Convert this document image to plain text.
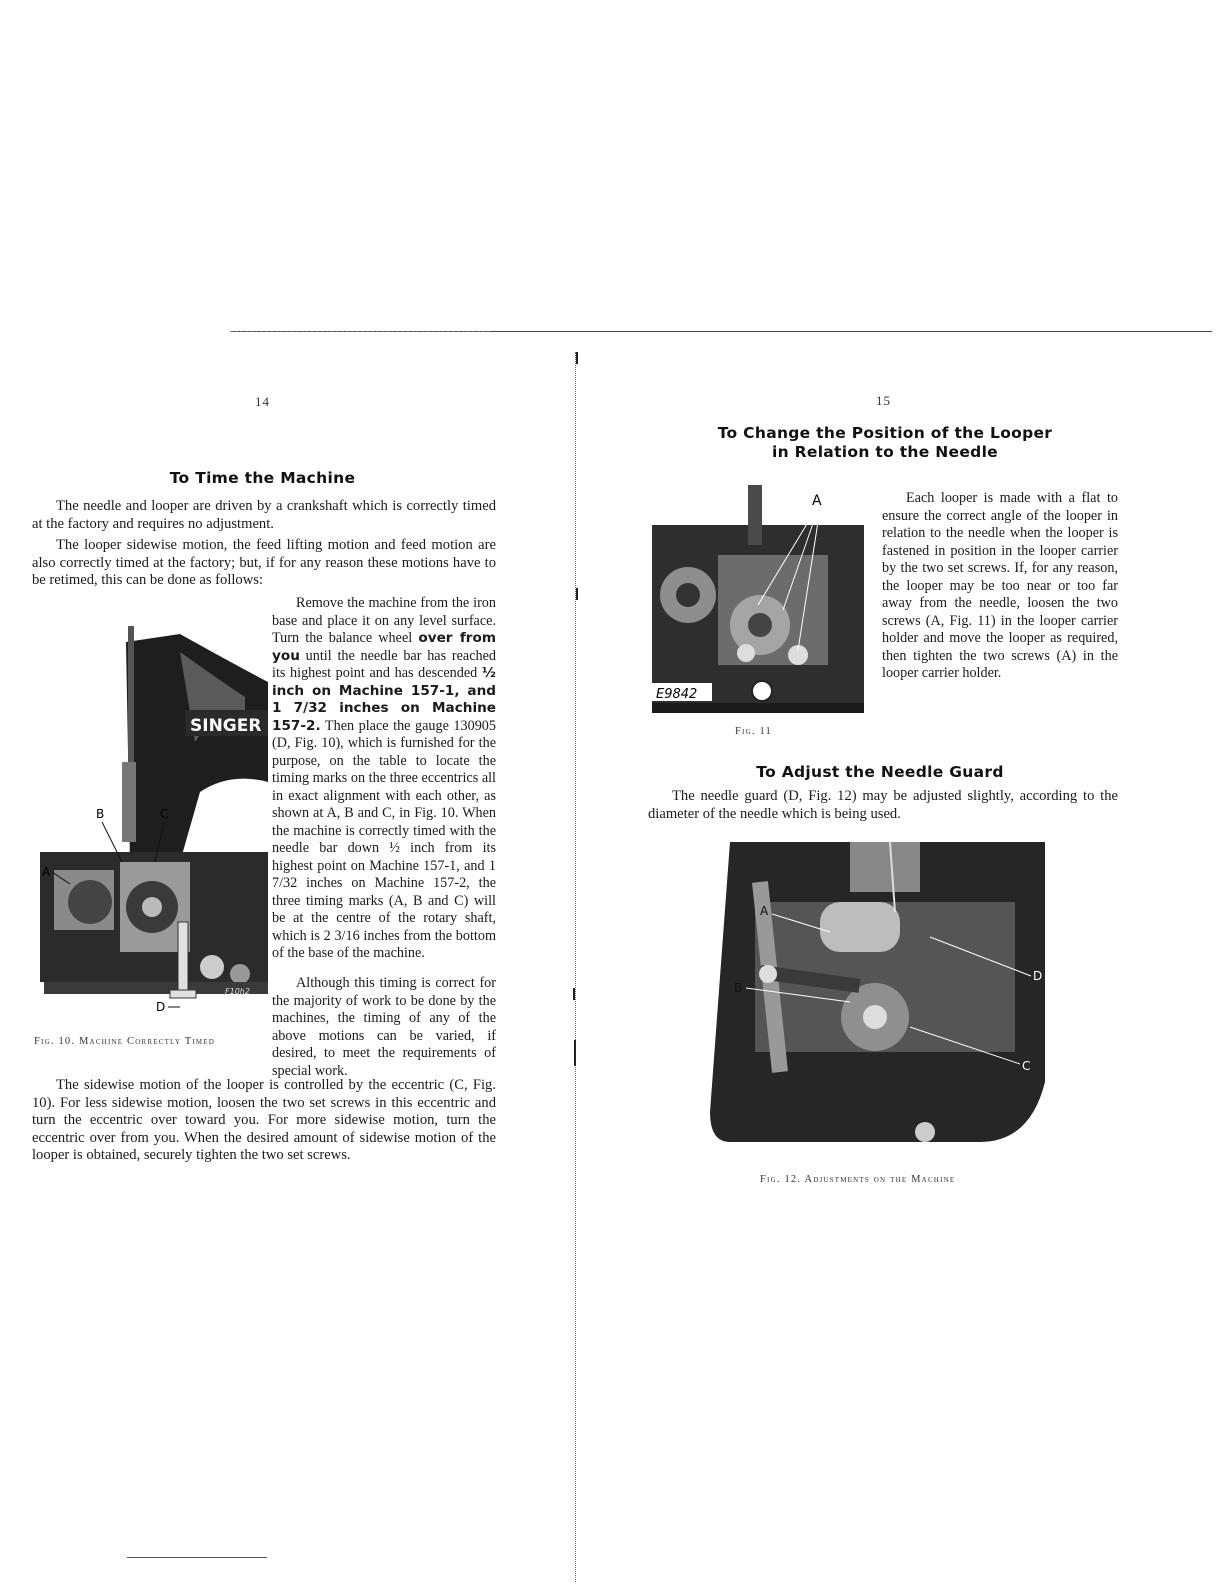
14
To Time the Machine

The needle and looper are driven by a crankshaft which is correctly timed at the factory and requires no adjustment.

The looper sidewise motion, the feed lifting motion and feed motion are also correctly timed at the factory; but, if for any reason these motions have to be retimed, this can be done as follows:

Remove the machine from the iron base and place it on any level surface. Turn the balance wheel over from you until the needle bar has reached its highest point and has descended ½ inch on Machine 157-1, and 1 7/32 inches on Machine 157-2. Then place the gauge 130905 (D, Fig. 10), which is furnished for the purpose, on the table to locate the timing marks on the three eccentrics all in exact alignment with each other, as shown at A, B and C, in Fig. 10. When the machine is correctly timed with the needle bar down ½ inch from its highest point on Machine 157-1, and 1 7/32 inches on Machine 157-2, the three timing marks (A, B and C) will be at the centre of the rotary shaft, which is 2 3/16 inches from the bottom of the base of the machine.

Although this timing is correct for the majority of work to be done by the machines, the timing of any of the above motions can be varied, if desired, to meet the requirements of special work.

The sidewise motion of the looper is controlled by the eccentric (C, Fig. 10). For less sidewise motion, loosen the two set screws in this eccentric and turn the eccentric over toward you. For more sidewise motion, turn the eccentric over from you. When the desired amount of sidewise motion of the looper is obtained, securely tighten the two set screws.

SINGER
F10h2
A
B	C
D
Fig. 10. Machine Correctly Timed
15
To Change the Position of the Looper
in Relation to the Needle
E9842
A
Fig. 11

Each looper is made with a flat to ensure the correct angle of the looper in relation to the needle when the looper is fastened in position in the looper carrier by the two set screws. If, for any reason, the looper may be too near or too far away from the needle, loosen the two screws (A, Fig. 11) in the looper carrier holder and move the looper as required, then tighten the two screws (A) in the looper carrier holder.

To Adjust the Needle Guard

The needle guard (D, Fig. 12) may be adjusted slightly, according to the diameter of the needle which is being used.

A
B
D
C
Fig. 12. Adjustments on the Machine
